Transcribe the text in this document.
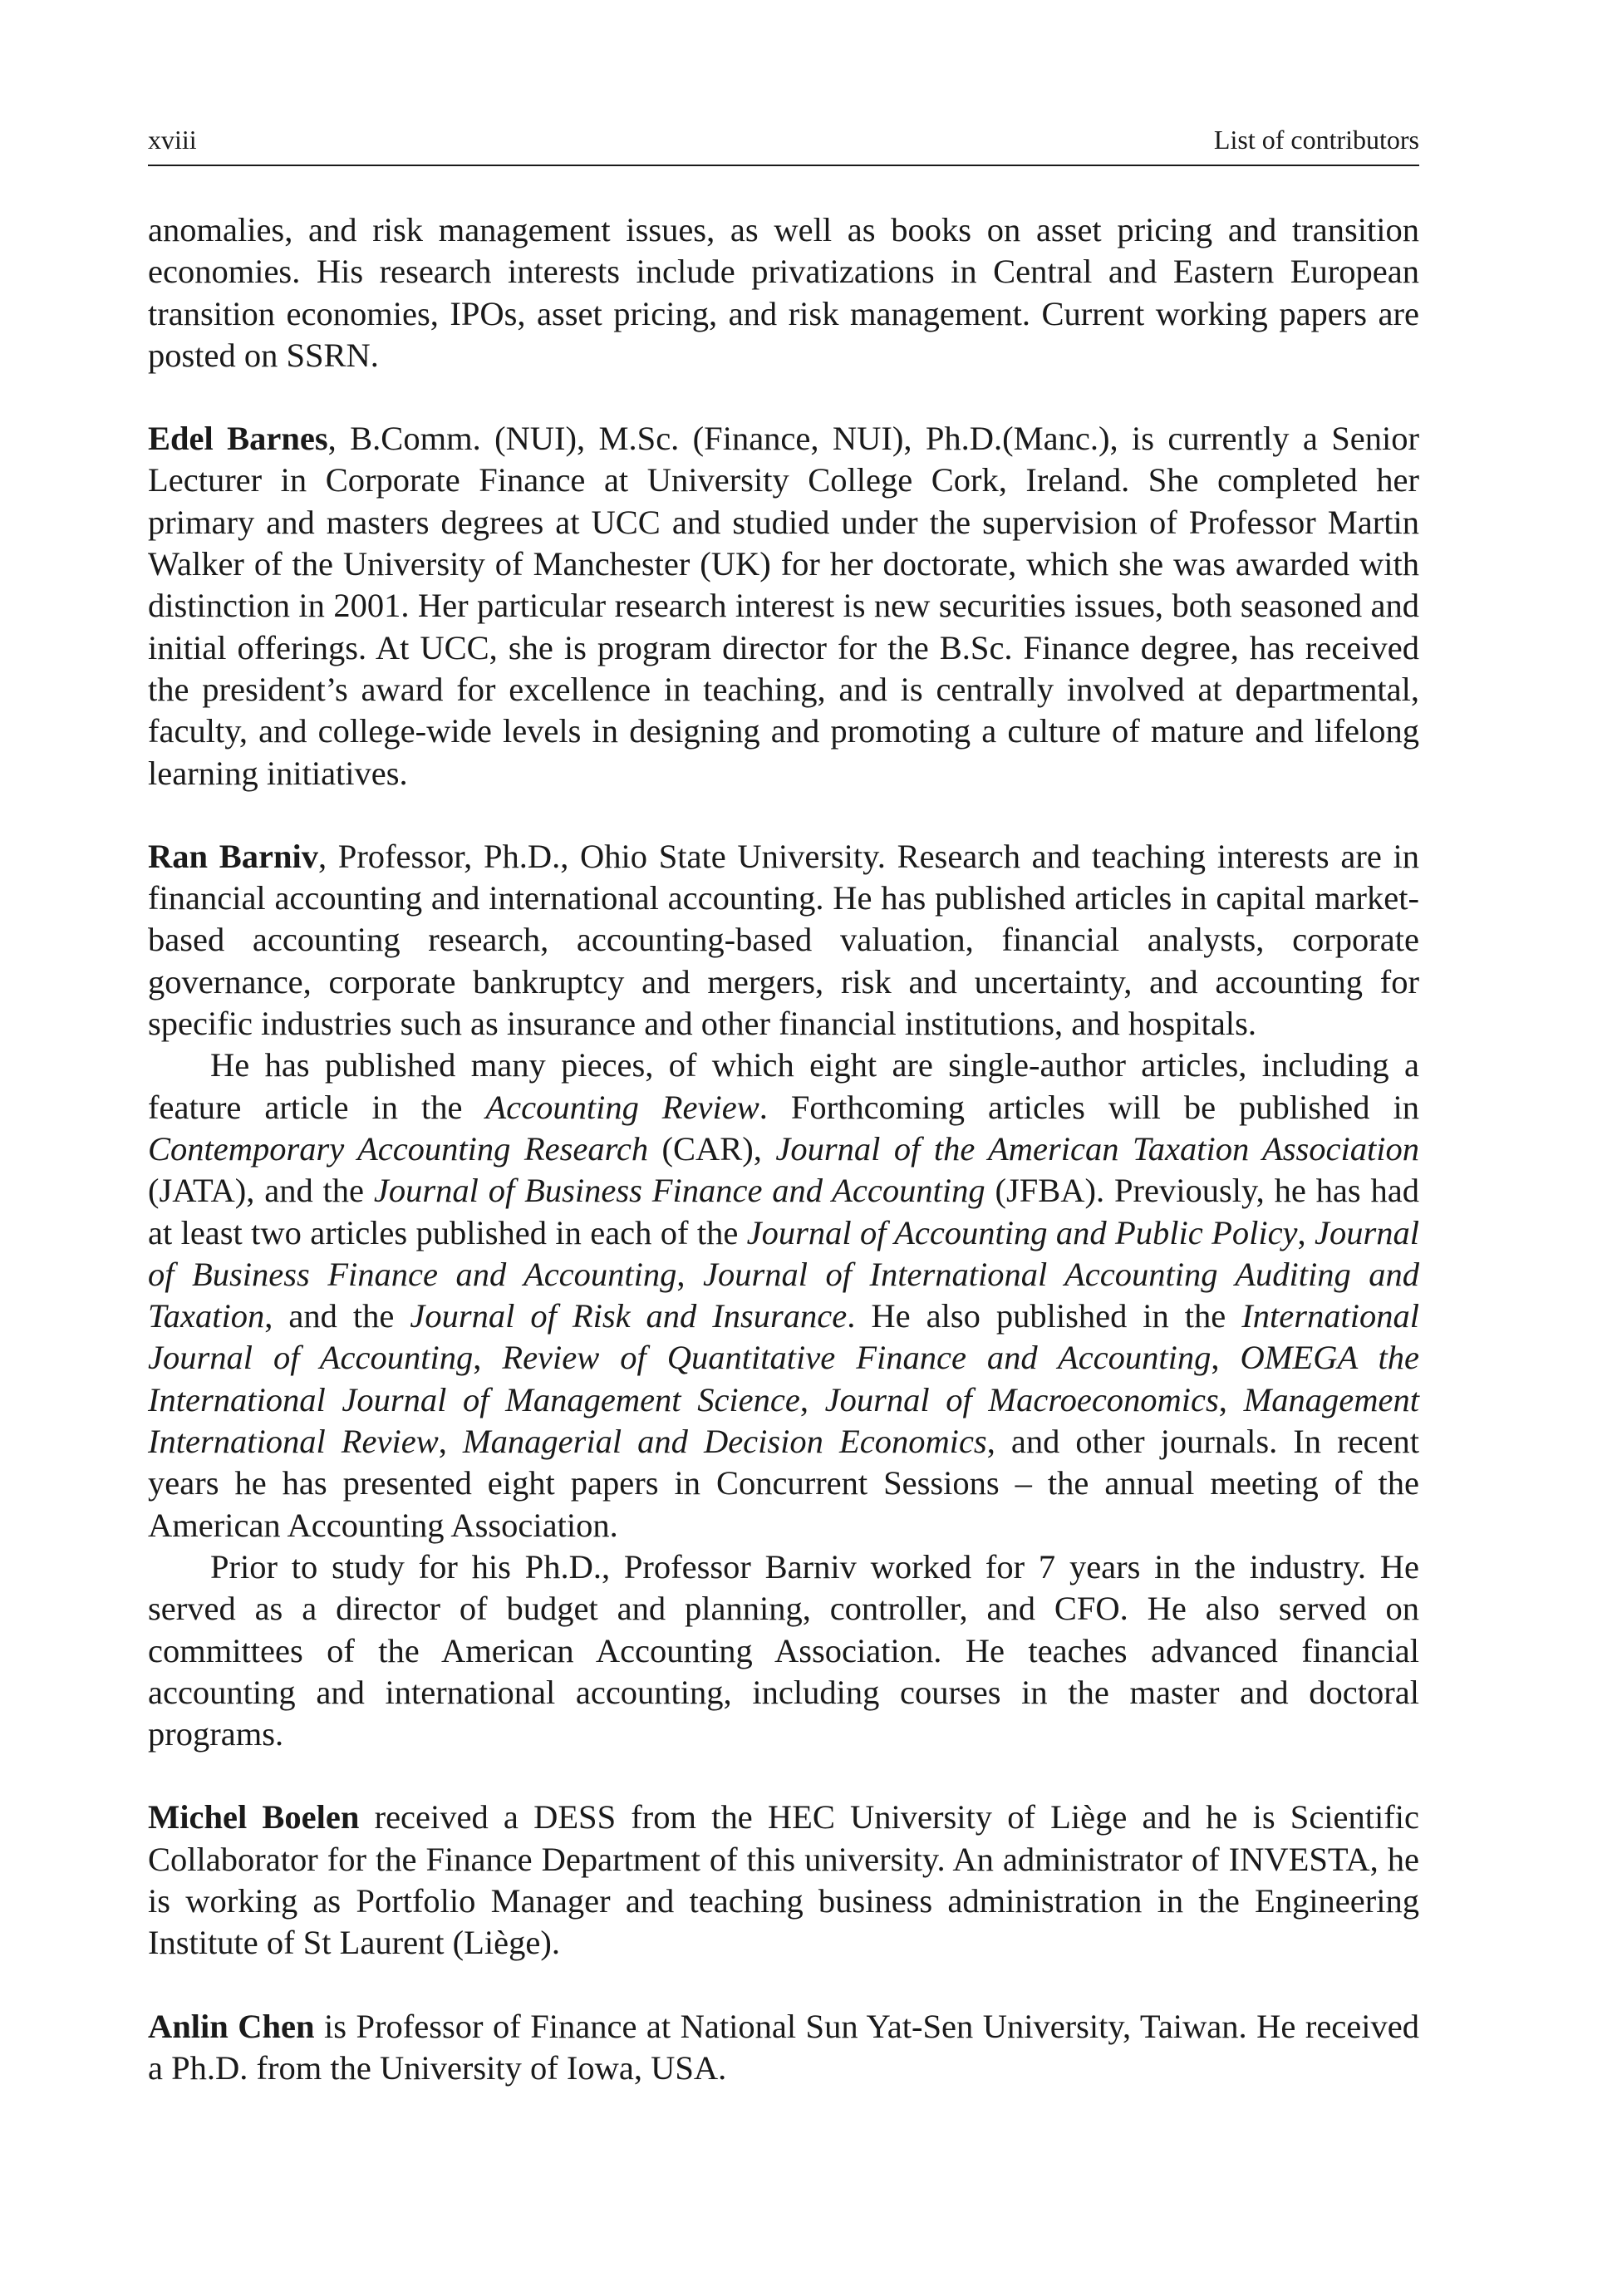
xviii	List of contributors

anomalies, and risk management issues, as well as books on asset pricing and transition economies. His research interests include privatizations in Central and Eastern European transition economies, IPOs, asset pricing, and risk management. Current working papers are posted on SSRN.

Edel Barnes, B.Comm. (NUI), M.Sc. (Finance, NUI), Ph.D.(Manc.), is currently a Senior Lecturer in Corporate Finance at University College Cork, Ireland. She completed her primary and masters degrees at UCC and studied under the supervision of Professor Martin Walker of the University of Manchester (UK) for her doctorate, which she was awarded with distinction in 2001. Her particular research interest is new securities issues, both seasoned and initial offerings. At UCC, she is program director for the B.Sc. Finance degree, has received the president’s award for excellence in teaching, and is centrally involved at departmental, faculty, and college-wide levels in designing and promoting a culture of mature and lifelong learning initiatives.

Ran Barniv, Professor, Ph.D., Ohio State University. Research and teaching interests are in financial accounting and international accounting. He has published articles in capital market-based accounting research, accounting-based valuation, financial analysts, corporate governance, corporate bankruptcy and mergers, risk and uncertainty, and accounting for specific industries such as insurance and other financial institutions, and hospitals.

He has published many pieces, of which eight are single-author articles, including a feature article in the Accounting Review. Forthcoming articles will be published in Contemporary Accounting Research (CAR), Journal of the American Taxation Association (JATA), and the Journal of Business Finance and Accounting (JFBA). Previously, he has had at least two articles published in each of the Journal of Accounting and Public Policy, Journal of Business Finance and Accounting, Journal of International Accounting Auditing and Taxation, and the Journal of Risk and Insurance. He also published in the International Journal of Accounting, Review of Quantitative Finance and Accounting, OMEGA the International Journal of Management Science, Journal of Macroeconomics, Management International Review, Managerial and Decision Economics, and other journals. In recent years he has presented eight papers in Concurrent Sessions – the annual meeting of the American Accounting Association.

Prior to study for his Ph.D., Professor Barniv worked for 7 years in the industry. He served as a director of budget and planning, controller, and CFO. He also served on committees of the American Accounting Association. He teaches advanced financial accounting and international accounting, including courses in the master and doctoral programs.

Michel Boelen received a DESS from the HEC University of Liège and he is Scientific Collaborator for the Finance Department of this university. An administrator of INVESTA, he is working as Portfolio Manager and teaching business administration in the Engineering Institute of St Laurent (Liège).

Anlin Chen is Professor of Finance at National Sun Yat-Sen University, Taiwan. He received a Ph.D. from the University of Iowa, USA.
